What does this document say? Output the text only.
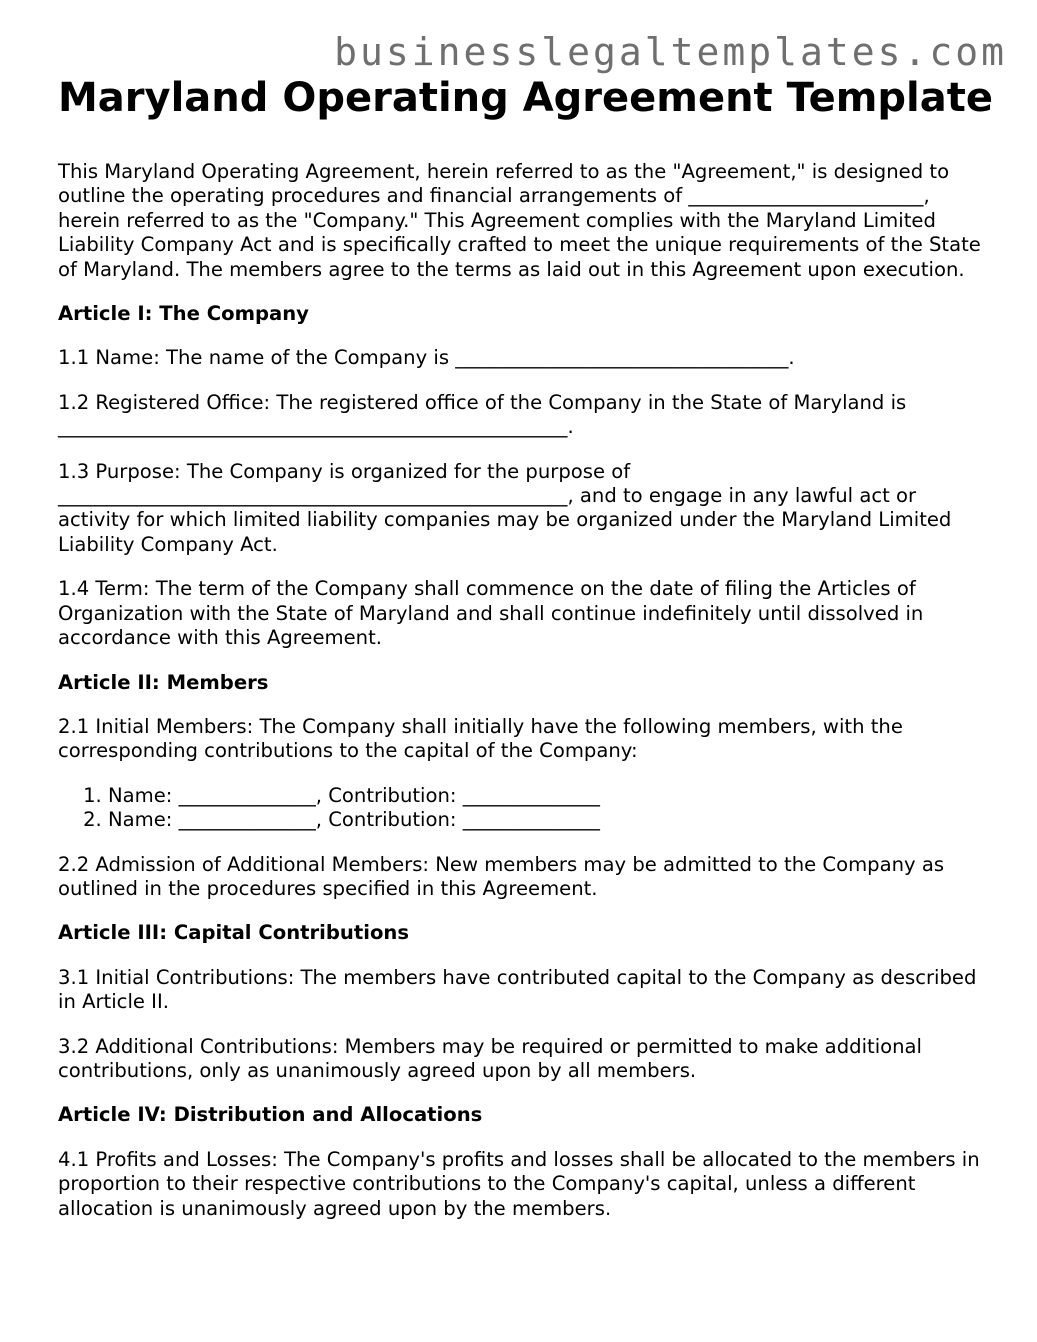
businesslegaltemplates.com
Maryland Operating Agreement Template

This Maryland Operating Agreement, herein referred to as the "Agreement," is designed to outline the operating procedures and financial arrangements of ________________________, herein referred to as the "Company." This Agreement complies with the Maryland Limited Liability Company Act and is specifically crafted to meet the unique requirements of the State of Maryland. The members agree to the terms as laid out in this Agreement upon execution.

Article I: The Company

1.1 Name: The name of the Company is __________________________________.

1.2 Registered Office: The registered office of the Company in the State of Maryland is ____________________________________________________.

1.3 Purpose: The Company is organized for the purpose of ____________________________________________________, and to engage in any lawful act or activity for which limited liability companies may be organized under the Maryland Limited Liability Company Act.

1.4 Term: The term of the Company shall commence on the date of filing the Articles of Organization with the State of Maryland and shall continue indefinitely until dissolved in accordance with this Agreement.

Article II: Members

2.1 Initial Members: The Company shall initially have the following members, with the corresponding contributions to the capital of the Company:

1. Name: ______________, Contribution: ______________
2. Name: ______________, Contribution: ______________

2.2 Admission of Additional Members: New members may be admitted to the Company as outlined in the procedures specified in this Agreement.

Article III: Capital Contributions

3.1 Initial Contributions: The members have contributed capital to the Company as described in Article II.

3.2 Additional Contributions: Members may be required or permitted to make additional contributions, only as unanimously agreed upon by all members.

Article IV: Distribution and Allocations

4.1 Profits and Losses: The Company's profits and losses shall be allocated to the members in proportion to their respective contributions to the Company's capital, unless a different allocation is unanimously agreed upon by the members.
